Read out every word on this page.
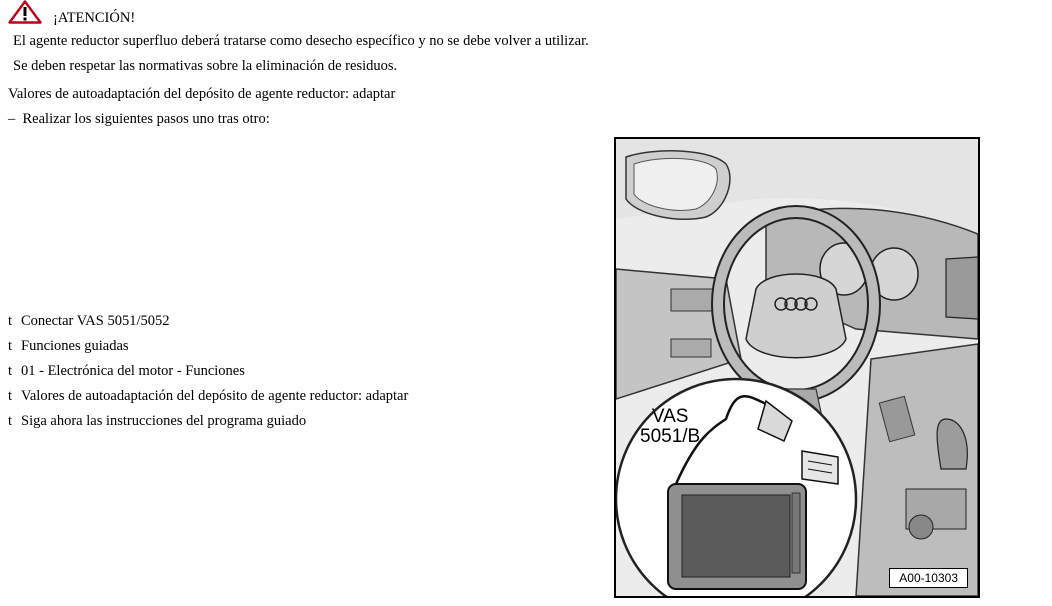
¡ATENCIÓN!
El agente reductor superfluo deberá tratarse como desecho específico y no se debe volver a utilizar.
Se deben respetar las normativas sobre la eliminación de residuos.
Valores de autoadaptación del depósito de agente reductor: adaptar
– Realizar los siguientes pasos uno tras otro:
t Conectar VAS 5051/5052
t Funciones guiadas
t 01 - Electrónica del motor - Funciones
t Valores de autoadaptación del depósito de agente reductor: adaptar
t Siga ahora las instrucciones del programa guiado	VAS
5051/B
A00-10303
